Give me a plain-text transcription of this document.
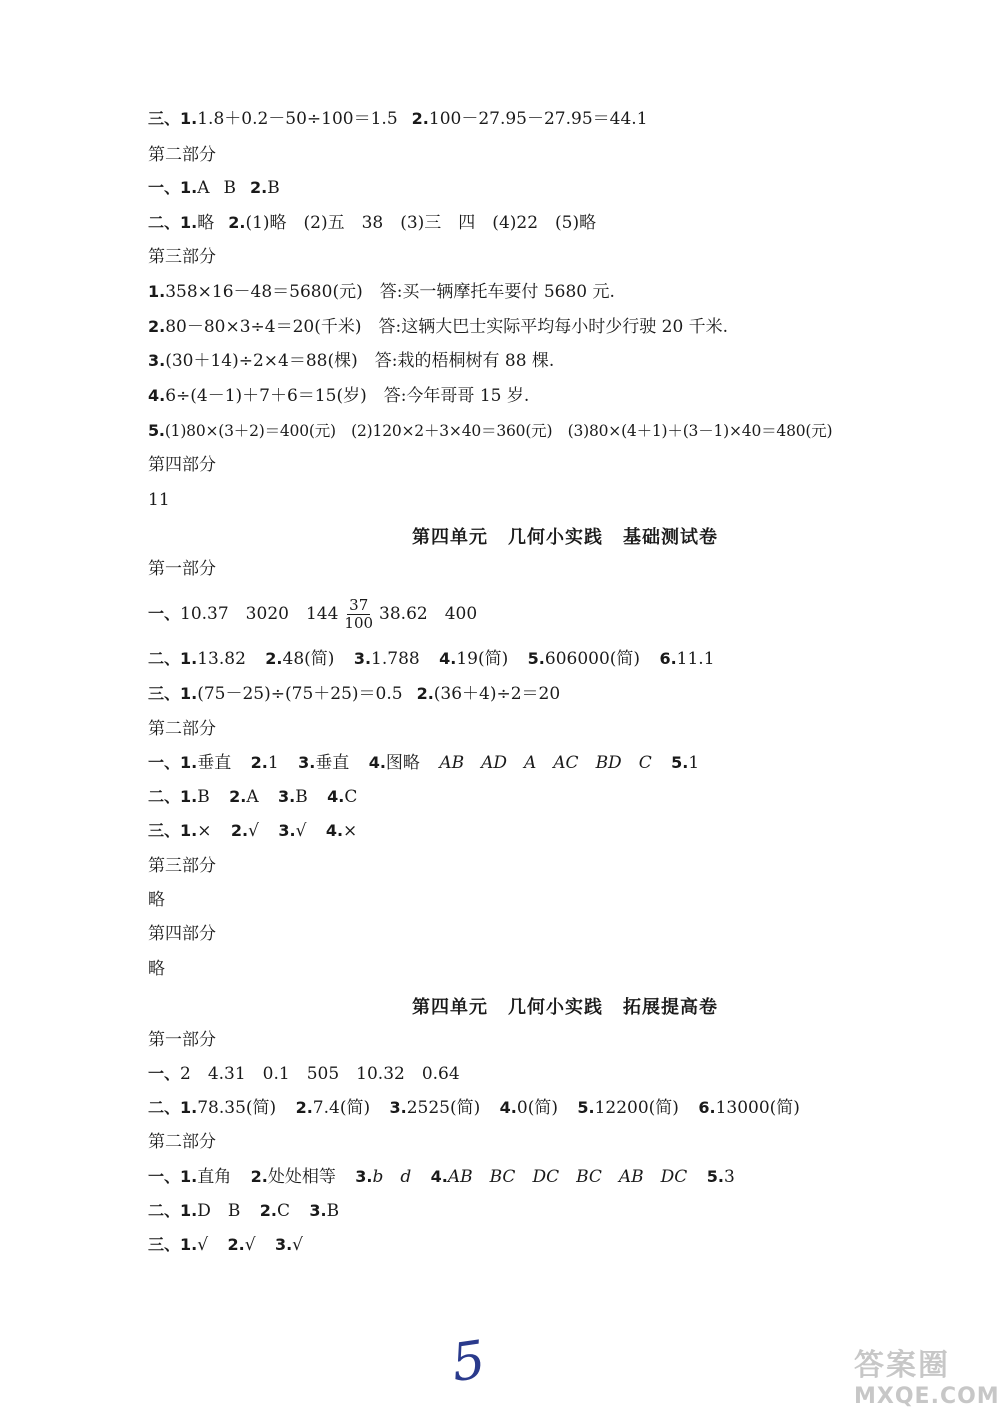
三、1.1.8＋0.2－50÷100＝1.5 2.100－27.95－27.95＝44.1
第二部分
一、1.A B 2.B
二、1.略 2.(1)略　(2)五　38　(3)三　四　(4)22　(5)略
第三部分
1.358×16－48＝5680(元)　答:买一辆摩托车要付 5680 元.
2.80－80×3÷4＝20(千米)　答:这辆大巴士实际平均每小时少行驶 20 千米.
3.(30＋14)÷2×4＝88(棵)　答:栽的梧桐树有 88 棵.
4.6÷(4－1)＋7＋6＝15(岁)　答:今年哥哥 15 岁.
5.(1)80×(3＋2)＝400(元)　(2)120×2＋3×40＝360(元)　(3)80×(4＋1)＋(3－1)×40＝480(元)
第四部分
11
第四单元 几何小实践 基础测试卷
第一部分
一、10.37　3020　$144 \frac{37}{100} 38.62$　400
二、1.13.82 2.48(简) 3.1.788 4.19(简) 5.606000(简) 6.11.1
三、1.(75－25)÷(75＋25)＝0.5 2.(36＋4)÷2＝20
第二部分
一、1.垂直 2.1 3.垂直 4.图略 AB　AD　A　AC　BD　C 5.1
二、1.B 2.A 3.B 4.C
三、1.× 2.√ 3.√ 4.×
第三部分
略
第四部分
略
第四单元 几何小实践 拓展提高卷
第一部分
一、2　4.31　0.1　505　10.32　0.64
二、1.78.35(简) 2.7.4(简) 3.2525(简) 4.0(简) 5.12200(简) 6.13000(简)
第二部分
一、1.直角 2.处处相等 3.b　d 4.AB　BC　DC　BC　AB　DC 5.3
二、1.D　B 2.C 3.B
三、1.√ 2.√ 3.√
5	答案圈
MXQE.COM
